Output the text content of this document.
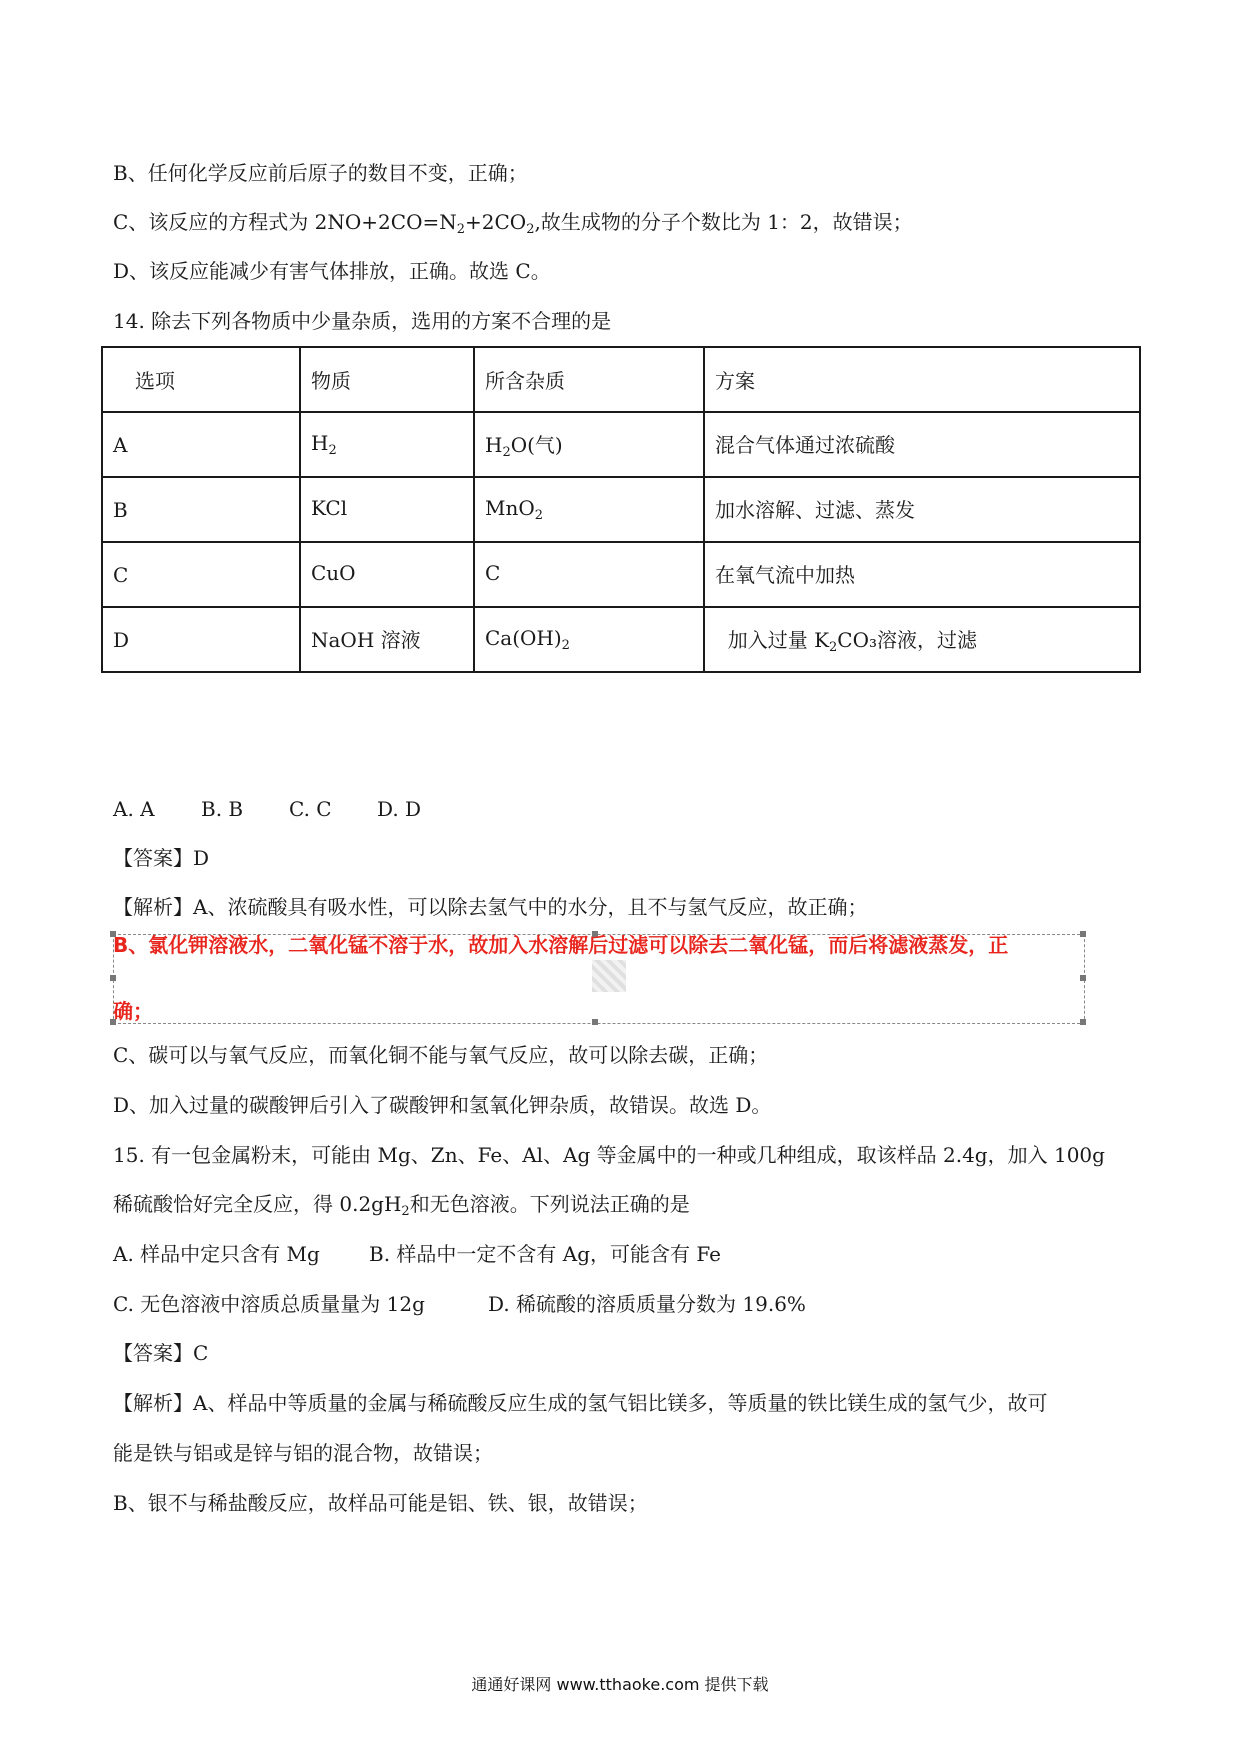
B、任何化学反应前后原子的数目不变，正确；
C、该反应的方程式为 $2NO+2CO=N_2+2CO_2$,故生成物的分子个数比为 1：2，故错误；
D、该反应能减少有害气体排放，正确。故选 C。
14. 除去下列各物质中少量杂质，选用的方案不合理的是
选项	物质	所含杂质	方案
A	$H_2$	$H_2O$(气)	混合气体通过浓硫酸
B	KCl	MnO$_2$	加水溶解、过滤、蒸发
C	CuO	C	在氧气流中加热
D	NaOH 溶液	$Ca(OH)_2$	加入过量 $K_2CO_3$溶液，过滤
A. A B. B C. C D. D
【答案】D
【解析】A、浓硫酸具有吸水性，可以除去氢气中的水分，且不与氢气反应，故正确；
B、氯化钾溶液水，二氧化锰不溶于水，故加入水溶解后过滤可以除去二氧化锰，而后将滤液蒸发，正
确；
C、碳可以与氧气反应，而氧化铜不能与氧气反应，故可以除去碳，正确；
D、加入过量的碳酸钾后引入了碳酸钾和氢氧化钾杂质，故错误。故选 D。
15. 有一包金属粉末，可能由 Mg、Zn、Fe、Al、Ag 等金属中的一种或几种组成，取该样品 2.4g，加入 100g
稀硫酸恰好完全反应，得 $0.2gH_2$和无色溶液。下列说法正确的是
A. 样品中定只含有 Mg B. 样品中一定不含有 Ag，可能含有 Fe
C. 无色溶液中溶质总质量量为 12g	D. 稀硫酸的溶质质量分数为 19.6%
【答案】C
【解析】A、样品中等质量的金属与稀硫酸反应生成的氢气铝比镁多，等质量的铁比镁生成的氢气少，故可
能是铁与铝或是锌与铝的混合物，故错误；
B、银不与稀盐酸反应，故样品可能是铝、铁、银，故错误；
通通好课网 www.tthaoke.com 提供下载
